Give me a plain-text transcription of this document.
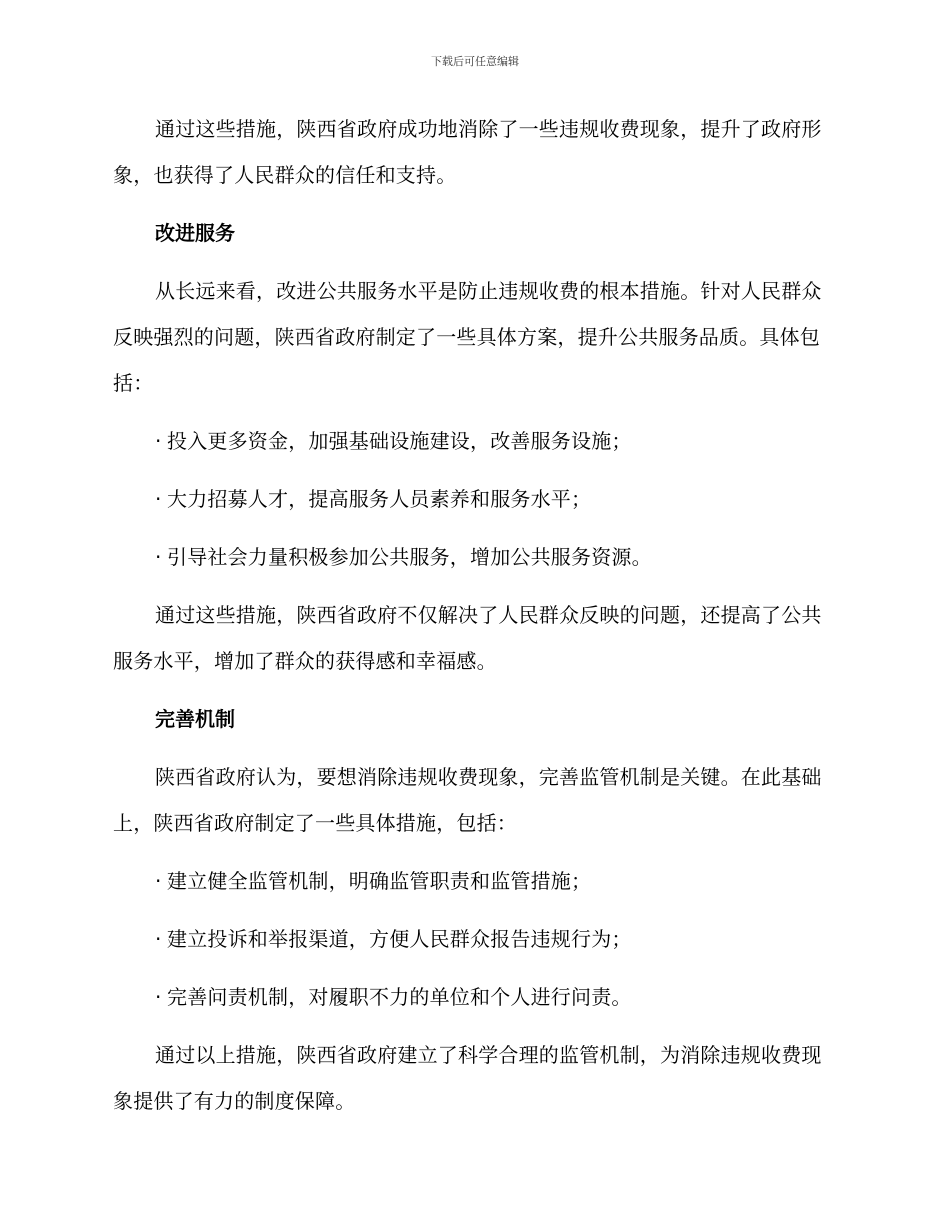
下载后可任意编辑

通过这些措施，陕西省政府成功地消除了一些违规收费现象，提升了政府形象，也获得了人民群众的信任和支持。

改进服务

从长远来看，改进公共服务水平是防止违规收费的根本措施。针对人民群众反映强烈的问题，陕西省政府制定了一些具体方案，提升公共服务品质。具体包括：

· 投入更多资金，加强基础设施建设，改善服务设施；
· 大力招募人才，提高服务人员素养和服务水平；
· 引导社会力量积极参加公共服务，增加公共服务资源。

通过这些措施，陕西省政府不仅解决了人民群众反映的问题，还提高了公共服务水平，增加了群众的获得感和幸福感。

完善机制

陕西省政府认为，要想消除违规收费现象，完善监管机制是关键。在此基础上，陕西省政府制定了一些具体措施，包括：

· 建立健全监管机制，明确监管职责和监管措施；
· 建立投诉和举报渠道，方便人民群众报告违规行为；
· 完善问责机制，对履职不力的单位和个人进行问责。

通过以上措施，陕西省政府建立了科学合理的监管机制，为消除违规收费现象提供了有力的制度保障。
